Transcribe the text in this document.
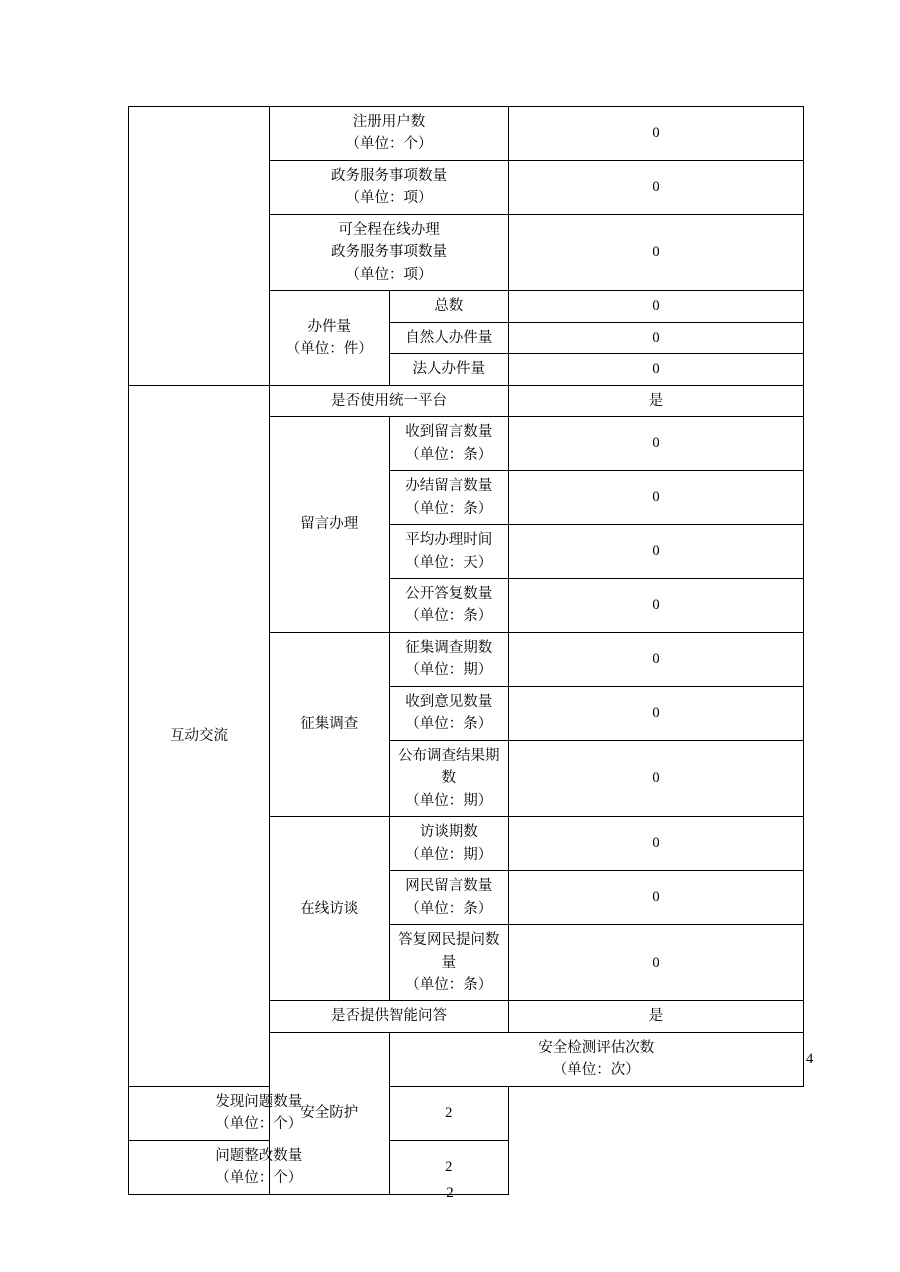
	注册用户数
（单位：个）		0	

	政务服务事项数量
（单位：项）		0	

	可全程在线办理
政务服务事项数量
（单位：项）		0	

	办件量
（单位：件）	总数	0	
		自然人办件量	0	
		法人办件量	0	
互动交流	是否使用统一平台		是	
	留言办理	收到留言数量
（单位：条）	0	

		办结留言数量
（单位：条）	0	

		平均办理时间
（单位：天）	0	

		公开答复数量
（单位：条）	0	
	征集调查	征集调查期数
（单位：期）	0	

		收到意见数量
（单位：条）	0	

		公布调查结果期数
（单位：期）	0	
	在线访谈	访谈期数
（单位：期）	0	

		网民留言数量
（单位：条）	0	

		答复网民提问数量
（单位：条）	0	
	是否提供智能问答		是	
	安全防护	安全检测评估次数
（单位：次）		4

发现问题数量
（单位：个）		2		

问题整改数量
（单位：个）		2		
2
